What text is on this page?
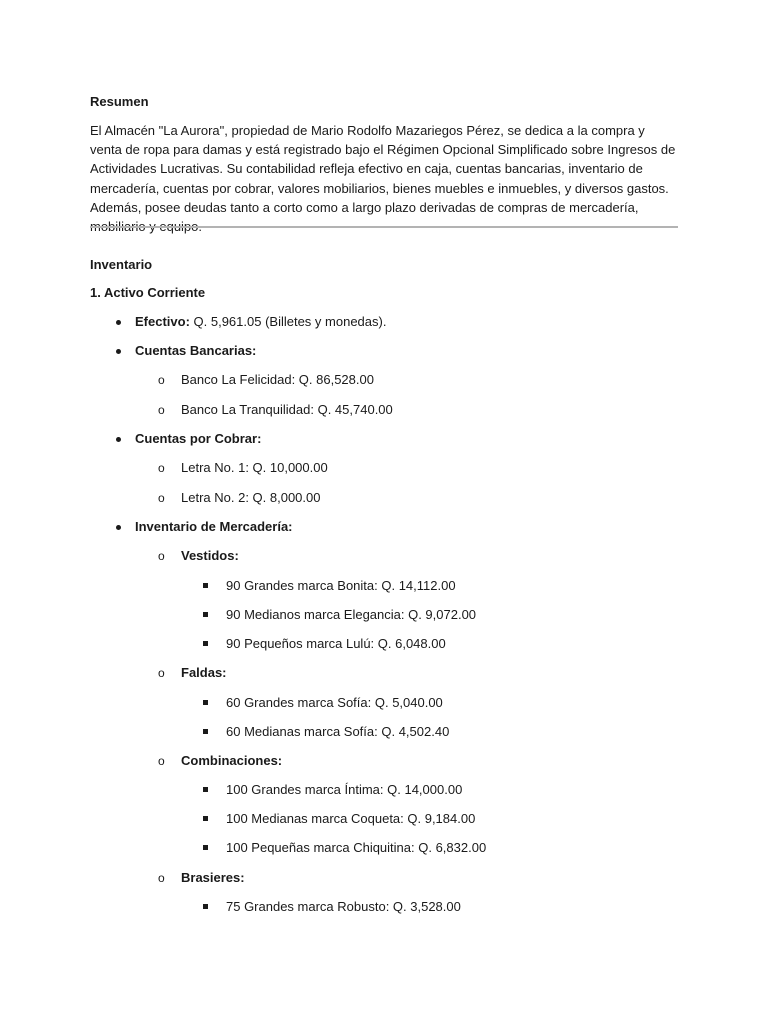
Resumen
El Almacén "La Aurora", propiedad de Mario Rodolfo Mazariegos Pérez, se dedica a la compra y venta de ropa para damas y está registrado bajo el Régimen Opcional Simplificado sobre Ingresos de Actividades Lucrativas. Su contabilidad refleja efectivo en caja, cuentas bancarias, inventario de mercadería, cuentas por cobrar, valores mobiliarios, bienes muebles e inmuebles, y diversos gastos. Además, posee deudas tanto a corto como a largo plazo derivadas de compras de mercadería, mobiliario y equipo.
Inventario
1. Activo Corriente
Efectivo: Q. 5,961.05 (Billetes y monedas).
Cuentas Bancarias:
o Banco La Felicidad: Q. 86,528.00
o Banco La Tranquilidad: Q. 45,740.00
Cuentas por Cobrar:
o Letra No. 1: Q. 10,000.00
o Letra No. 2: Q. 8,000.00
Inventario de Mercadería:
o Vestidos:
90 Grandes marca Bonita: Q. 14,112.00
90 Medianos marca Elegancia: Q. 9,072.00
90 Pequeños marca Lulú: Q. 6,048.00
o Faldas:
60 Grandes marca Sofía: Q. 5,040.00
60 Medianas marca Sofía: Q. 4,502.40
o Combinaciones:
100 Grandes marca Íntima: Q. 14,000.00
100 Medianas marca Coqueta: Q. 9,184.00
100 Pequeñas marca Chiquitina: Q. 6,832.00
o Brasieres:
75 Grandes marca Robusto: Q. 3,528.00
